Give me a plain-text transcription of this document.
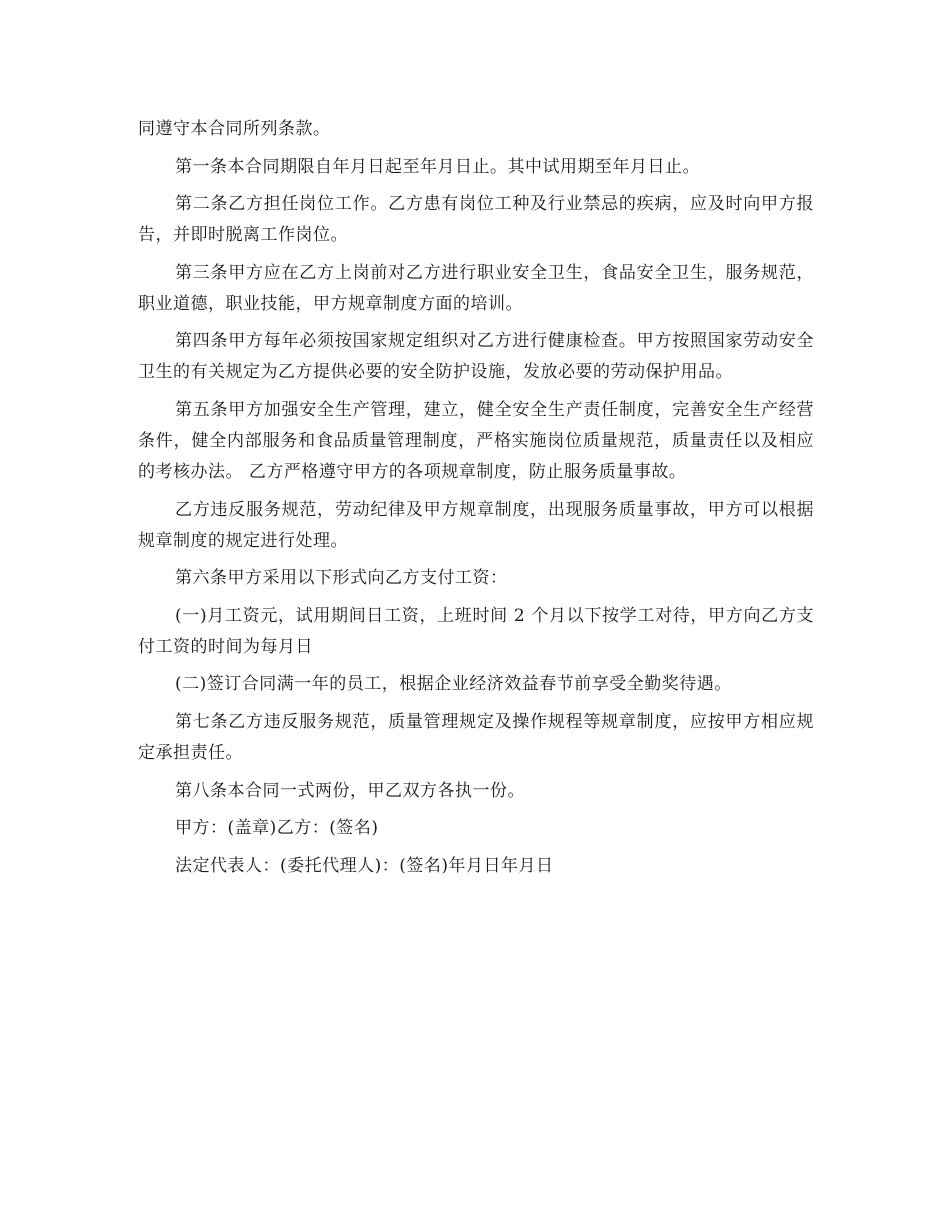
同遵守本合同所列条款。

第一条本合同期限自年月日起至年月日止。其中试用期至年月日止。

第二条乙方担任岗位工作。乙方患有岗位工种及行业禁忌的疾病，应及时向甲方报告，并即时脱离工作岗位。

第三条甲方应在乙方上岗前对乙方进行职业安全卫生，食品安全卫生，服务规范，职业道德，职业技能，甲方规章制度方面的培训。

第四条甲方每年必须按国家规定组织对乙方进行健康检查。甲方按照国家劳动安全卫生的有关规定为乙方提供必要的安全防护设施，发放必要的劳动保护用品。

第五条甲方加强安全生产管理，建立，健全安全生产责任制度，完善安全生产经营条件，健全内部服务和食品质量管理制度，严格实施岗位质量规范，质量责任以及相应的考核办法。 乙方严格遵守甲方的各项规章制度，防止服务质量事故。

乙方违反服务规范，劳动纪律及甲方规章制度，出现服务质量事故，甲方可以根据规章制度的规定进行处理。

第六条甲方采用以下形式向乙方支付工资：

(一)月工资元，试用期间日工资，上班时间 2 个月以下按学工对待，甲方向乙方支付工资的时间为每月日

(二)签订合同满一年的员工，根据企业经济效益春节前享受全勤奖待遇。

第七条乙方违反服务规范，质量管理规定及操作规程等规章制度，应按甲方相应规定承担责任。

第八条本合同一式两份，甲乙双方各执一份。

甲方：(盖章)乙方：(签名)

法定代表人：(委托代理人)：(签名)年月日年月日
